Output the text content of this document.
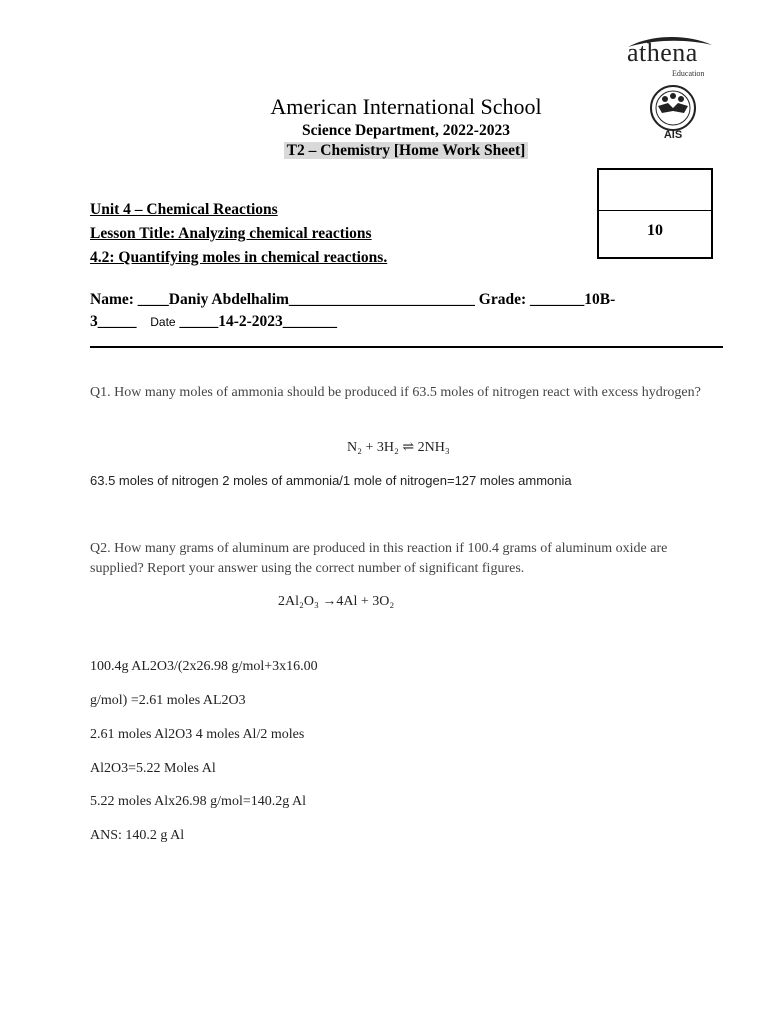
athena
Education
AIS
American International School
Science Department, 2022-2023
T2 – Chemistry [Home Work Sheet]
10
Unit 4 – Chemical Reactions
Lesson Title: Analyzing chemical reactions
4.2: Quantifying moles in chemical reactions.
Name: ____Daniy Abdelhalim________________________ Grade: _______10B-
3_____ Date _____14-2-2023_______
Q1. How many moles of ammonia should be produced if 63.5 moles of nitrogen react with excess hydrogen?
N₂ + 3H₂ ⇌ 2NH₃
63.5 moles of nitrogen 2 moles of ammonia/1 mole of nitrogen=127 moles ammonia
Q2. How many grams of aluminum are produced in this reaction if 100.4 grams of aluminum oxide are supplied? Report your answer using the correct number of significant figures.
2Al₂O₃ →4Al + 3O₂
100.4g AL2O3/(2x26.98 g/mol+3x16.00
g/mol) =2.61 moles AL2O3
2.61 moles Al2O3 4 moles Al/2 moles
Al2O3=5.22 Moles Al
5.22 moles Alx26.98 g/mol=140.2g Al
ANS: 140.2 g Al
